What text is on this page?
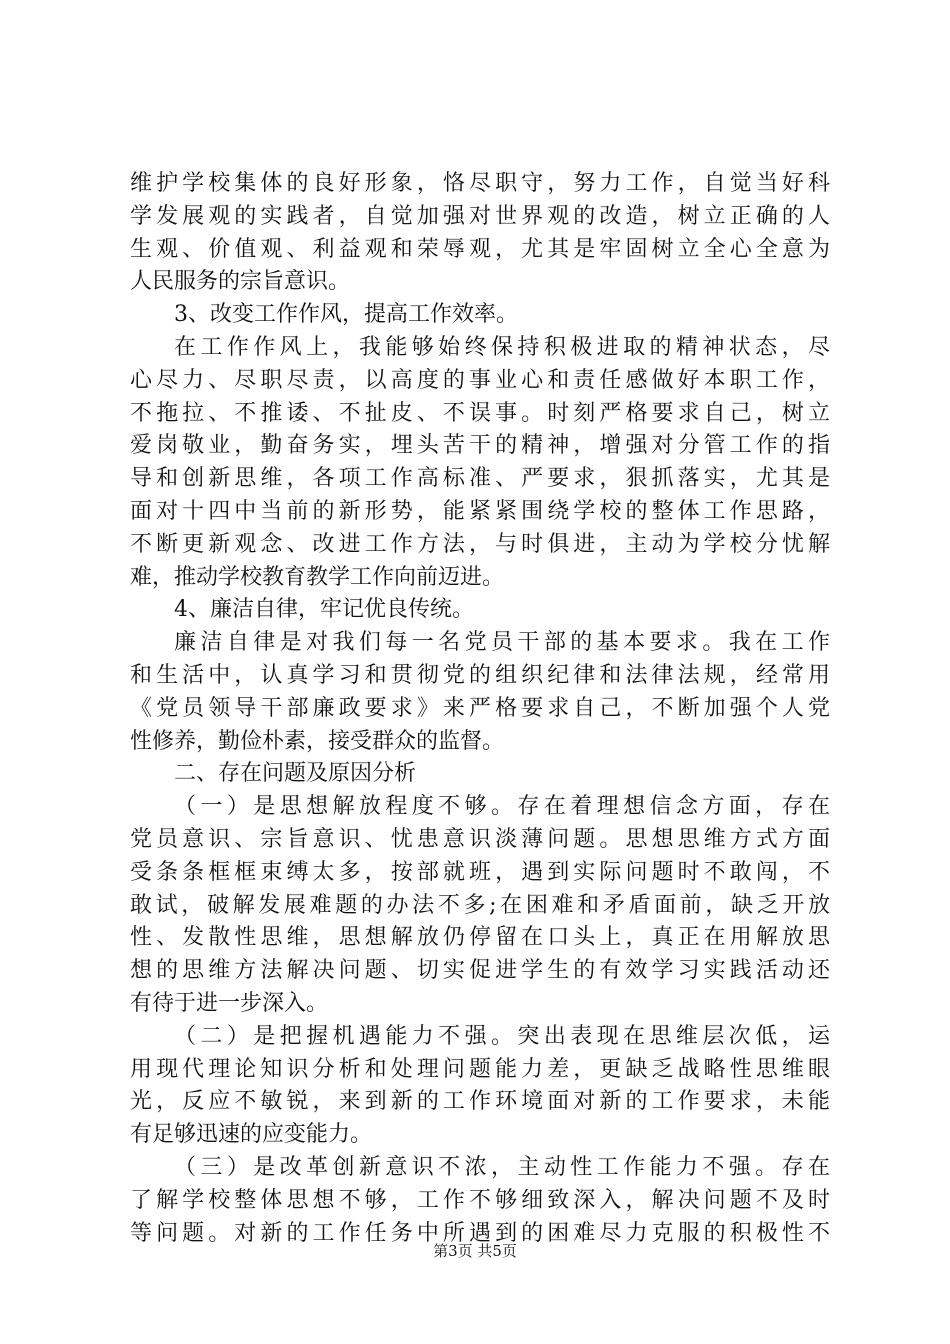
维护学校集体的良好形象，恪尽职守，努力工作，自觉当好科
学发展观的实践者，自觉加强对世界观的改造，树立正确的人
生观、价值观、利益观和荣辱观，尤其是牢固树立全心全意为
人民服务的宗旨意识。
3、改变工作作风，提高工作效率。
在工作作风上，我能够始终保持积极进取的精神状态，尽
心尽力、尽职尽责，以高度的事业心和责任感做好本职工作，
不拖拉、不推诿、不扯皮、不误事。时刻严格要求自己，树立
爱岗敬业，勤奋务实，埋头苦干的精神，增强对分管工作的指
导和创新思维，各项工作高标准、严要求，狠抓落实，尤其是
面对十四中当前的新形势，能紧紧围绕学校的整体工作思路，
不断更新观念、改进工作方法，与时俱进，主动为学校分忧解
难，推动学校教育教学工作向前迈进。
4、廉洁自律，牢记优良传统。
廉洁自律是对我们每一名党员干部的基本要求。我在工作
和生活中，认真学习和贯彻党的组织纪律和法律法规，经常用
《党员领导干部廉政要求》来严格要求自己，不断加强个人党
性修养，勤俭朴素，接受群众的监督。
二、存在问题及原因分析
（一）是思想解放程度不够。存在着理想信念方面，存在
党员意识、宗旨意识、忧患意识淡薄问题。思想思维方式方面
受条条框框束缚太多，按部就班，遇到实际问题时不敢闯，不
敢试，破解发展难题的办法不多;在困难和矛盾面前，缺乏开放
性、发散性思维，思想解放仍停留在口头上，真正在用解放思
想的思维方法解决问题、切实促进学生的有效学习实践活动还
有待于进一步深入。
（二）是把握机遇能力不强。突出表现在思维层次低，运
用现代理论知识分析和处理问题能力差，更缺乏战略性思维眼
光，反应不敏锐，来到新的工作环境面对新的工作要求，未能
有足够迅速的应变能力。
（三）是改革创新意识不浓，主动性工作能力不强。存在
了解学校整体思想不够，工作不够细致深入，解决问题不及时
等问题。对新的工作任务中所遇到的困难尽力克服的积极性不
第3页 共5页
